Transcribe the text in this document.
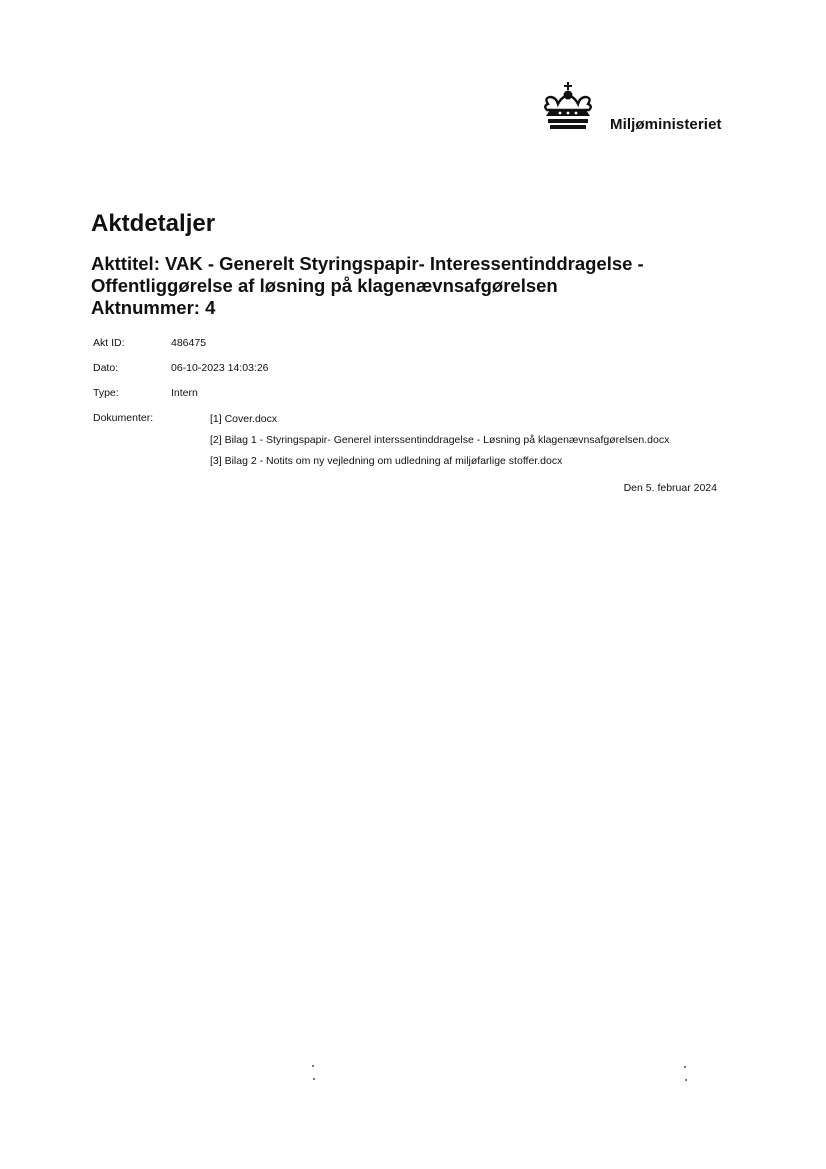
Miljøministeriet
Aktdetaljer
Akttitel: VAK - Generelt Styringspapir- Interessentinddragelse -
Offentliggørelse af løsning på klagenævnsafgørelsen
Aktnummer: 4
Akt ID:	486475
Dato:	06-10-2023 14:03:26
Type:	Intern
Dokumenter:	[1] Cover.docx
[2] Bilag 1 - Styringspapir- Generel interssentinddragelse - Løsning på klagenævnsafgørelsen.docx
[3] Bilag 2 - Notits om ny vejledning om udledning af miljøfarlige stoffer.docx
Den 5. februar 2024
